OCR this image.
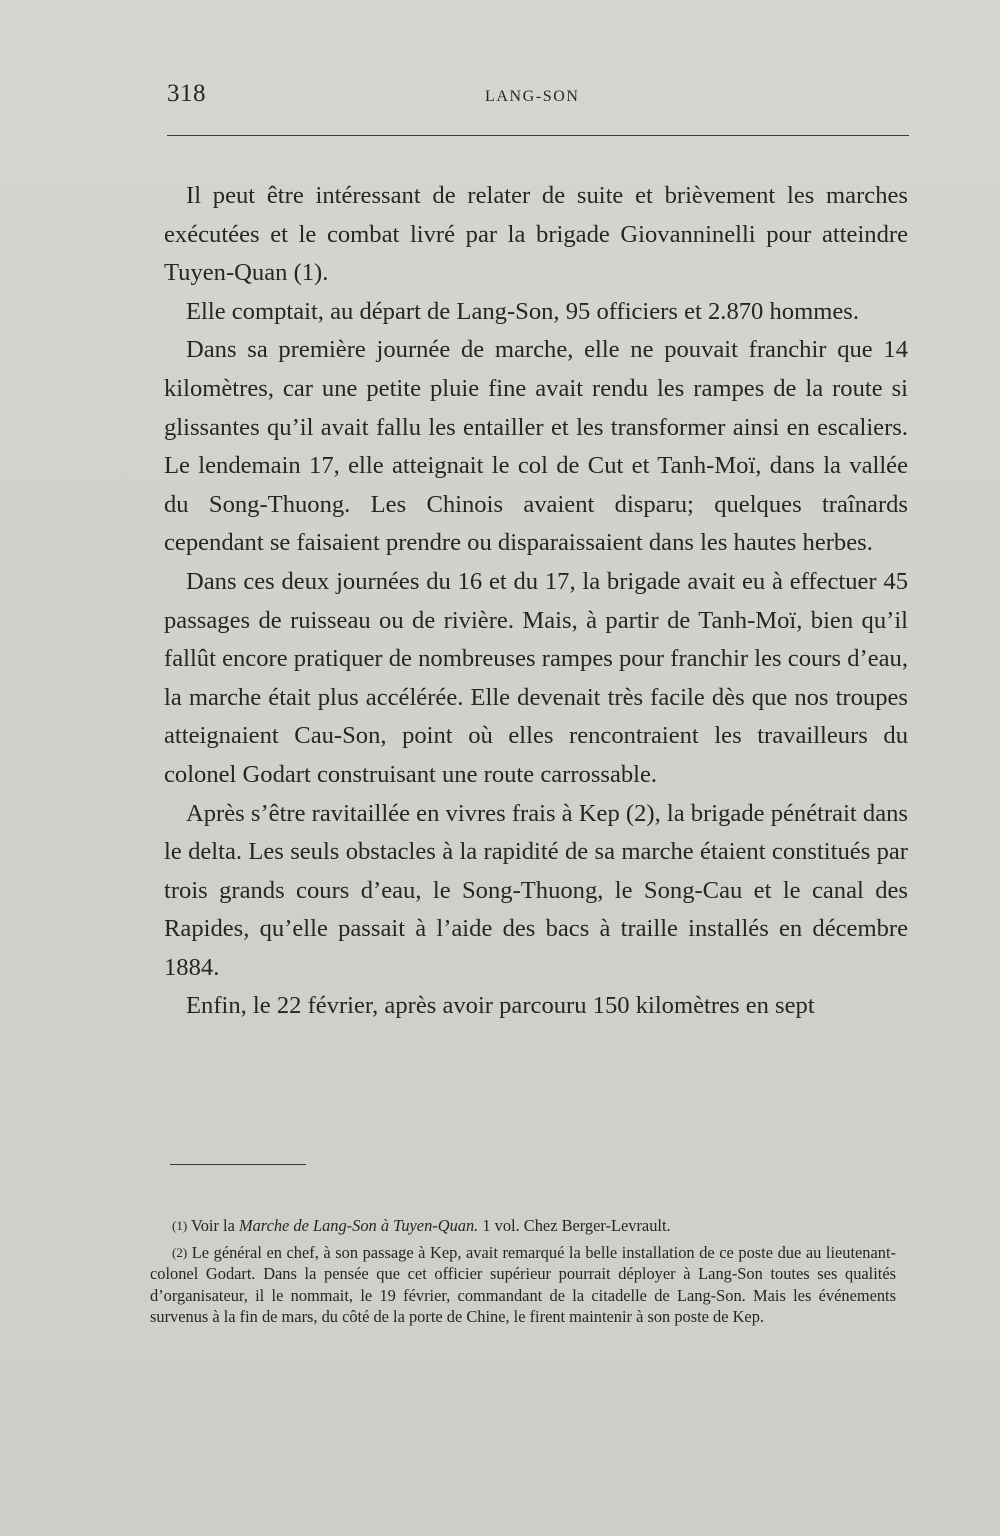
318	LANG-SON

Il peut être intéressant de relater de suite et brièvement les marches exécutées et le combat livré par la brigade Giovanninelli pour atteindre Tuyen-Quan (1).

Elle comptait, au départ de Lang-Son, 95 officiers et 2.870 hommes.

Dans sa première journée de marche, elle ne pouvait franchir que 14 kilomètres, car une petite pluie fine avait rendu les rampes de la route si glissantes qu’il avait fallu les entailler et les transformer ainsi en escaliers. Le lendemain 17, elle atteignait le col de Cut et Tanh-Moï, dans la vallée du Song-Thuong. Les Chinois avaient disparu; quelques traînards cependant se faisaient prendre ou disparaissaient dans les hautes herbes.

Dans ces deux journées du 16 et du 17, la brigade avait eu à effectuer 45 passages de ruisseau ou de rivière. Mais, à partir de Tanh-Moï, bien qu’il fallût encore pratiquer de nombreuses rampes pour franchir les cours d’eau, la marche était plus accélérée. Elle devenait très facile dès que nos troupes atteignaient Cau-Son, point où elles rencontraient les travailleurs du colonel Godart construisant une route carrossable.

Après s’être ravitaillée en vivres frais à Kep (2), la brigade pénétrait dans le delta. Les seuls obstacles à la rapidité de sa marche étaient constitués par trois grands cours d’eau, le Song-Thuong, le Song-Cau et le canal des Rapides, qu’elle passait à l’aide des bacs à traille installés en décembre 1884.

Enfin, le 22 février, après avoir parcouru 150 kilomètres en sept

(1) Voir la Marche de Lang-Son à Tuyen-Quan. 1 vol. Chez Berger-Levrault.

(2) Le général en chef, à son passage à Kep, avait remarqué la belle installation de ce poste due au lieutenant-colonel Godart. Dans la pensée que cet officier supérieur pourrait déployer à Lang-Son toutes ses qualités d’organisateur, il le nommait, le 19 février, commandant de la citadelle de Lang-Son. Mais les événements survenus à la fin de mars, du côté de la porte de Chine, le firent maintenir à son poste de Kep.
